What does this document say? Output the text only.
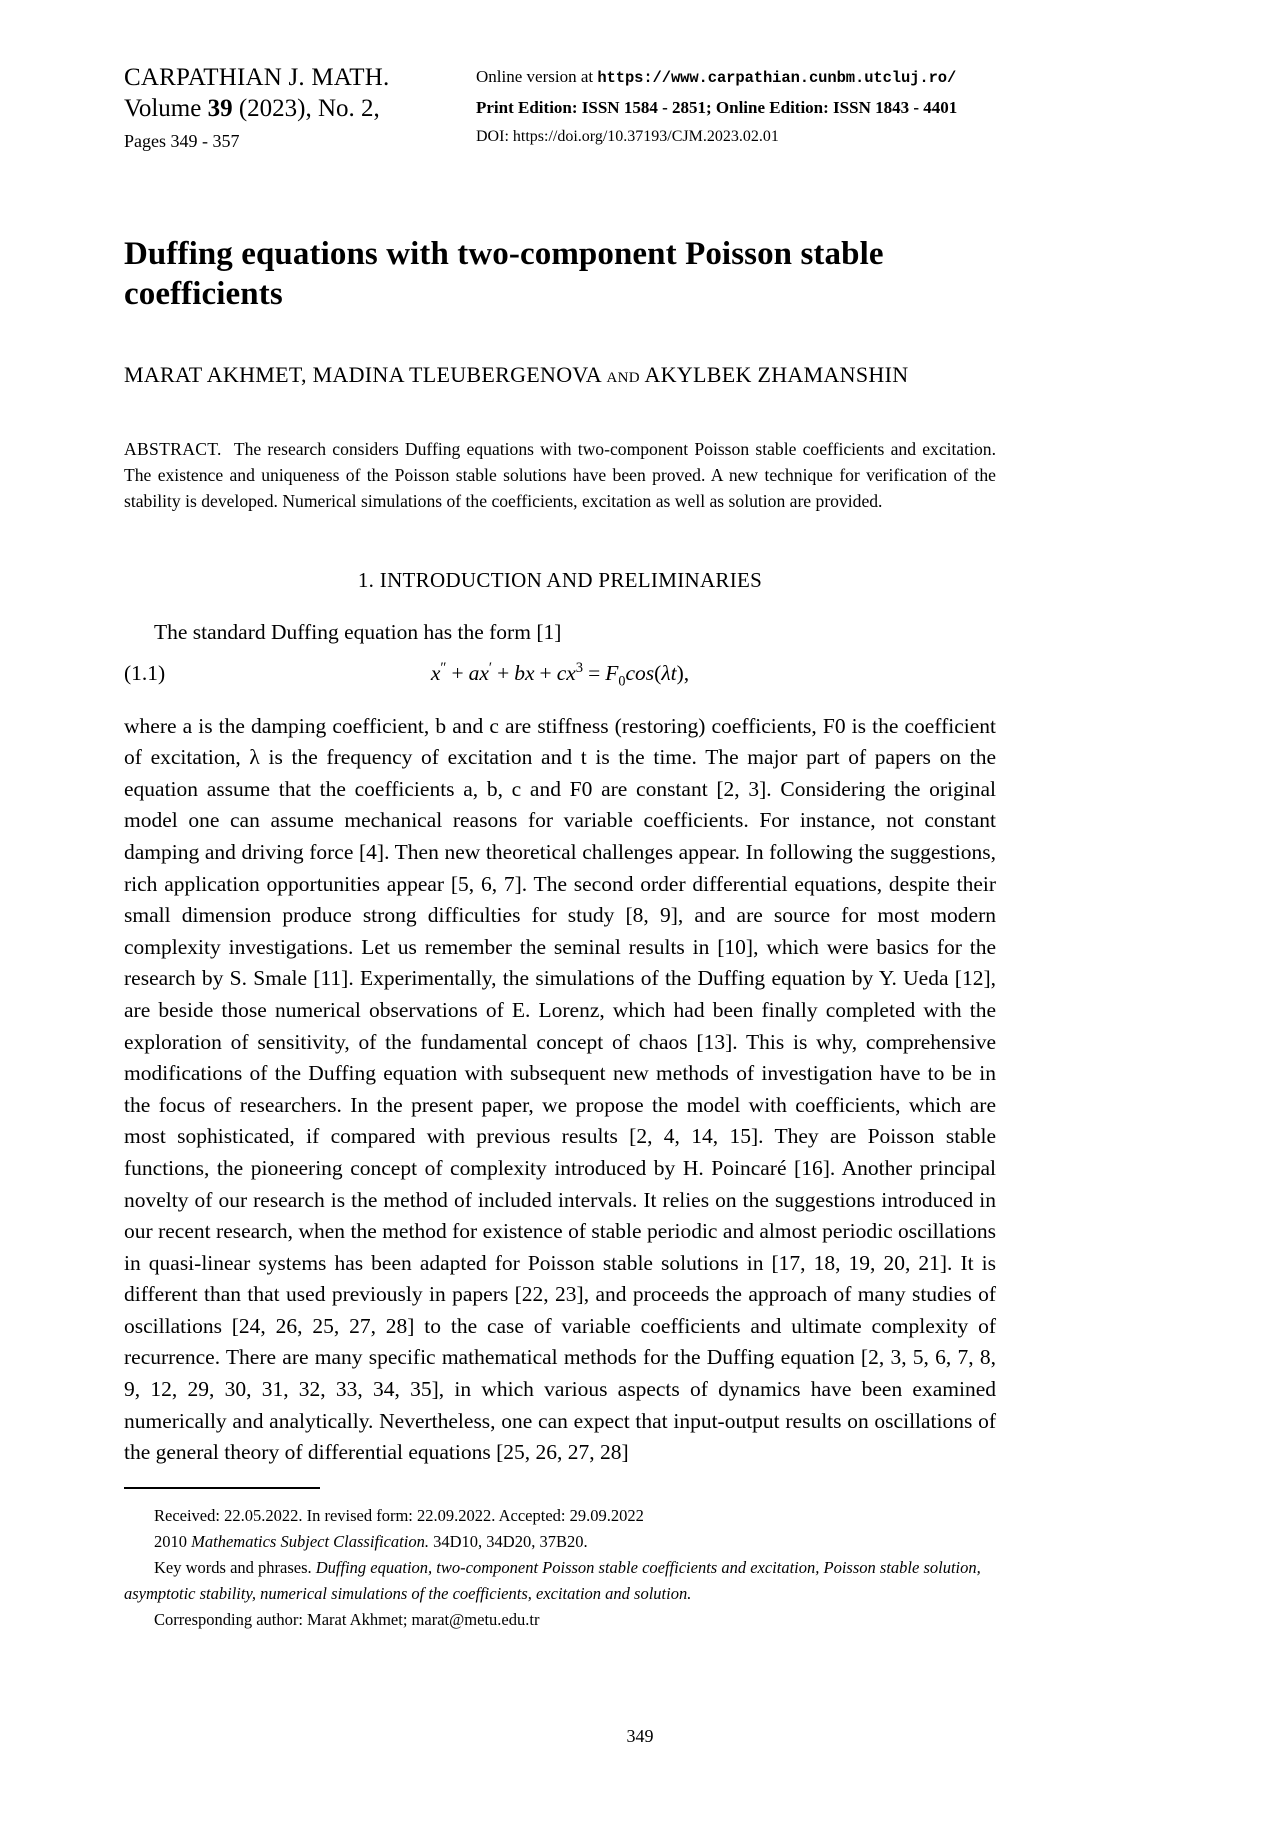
CARPATHIAN J. MATH.
Volume 39 (2023), No. 2,
Pages 349 - 357
Online version at https://www.carpathian.cunbm.utcluj.ro/
Print Edition: ISSN 1584 - 2851; Online Edition: ISSN 1843 - 4401
DOI: https://doi.org/10.37193/CJM.2023.02.01
Duffing equations with two-component Poisson stable coefficients
MARAT AKHMET, MADINA TLEUBERGENOVA and AKYLBEK ZHAMANSHIN
ABSTRACT. The research considers Duffing equations with two-component Poisson stable coefficients and excitation. The existence and uniqueness of the Poisson stable solutions have been proved. A new technique for verification of the stability is developed. Numerical simulations of the coefficients, excitation as well as solution are provided.
1. INTRODUCTION AND PRELIMINARIES
The standard Duffing equation has the form [1]
(1.1)	x″ + ax′ + bx + $cx^3 = F_0\cos(\lambda t)$,
where a is the damping coefficient, b and c are stiffness (restoring) coefficients, F0 is the coefficient of excitation, λ is the frequency of excitation and t is the time. The major part of papers on the equation assume that the coefficients a, b, c and F0 are constant [2, 3]. Considering the original model one can assume mechanical reasons for variable coefficients. For instance, not constant damping and driving force [4]. Then new theoretical challenges appear. In following the suggestions, rich application opportunities appear [5, 6, 7]. The second order differential equations, despite their small dimension produce strong difficulties for study [8, 9], and are source for most modern complexity investigations. Let us remember the seminal results in [10], which were basics for the research by S. Smale [11]. Experimentally, the simulations of the Duffing equation by Y. Ueda [12], are beside those numerical observations of E. Lorenz, which had been finally completed with the exploration of sensitivity, of the fundamental concept of chaos [13]. This is why, comprehensive modifications of the Duffing equation with subsequent new methods of investigation have to be in the focus of researchers. In the present paper, we propose the model with coefficients, which are most sophisticated, if compared with previous results [2, 4, 14, 15]. They are Poisson stable functions, the pioneering concept of complexity introduced by H. Poincaré [16]. Another principal novelty of our research is the method of included intervals. It relies on the suggestions introduced in our recent research, when the method for existence of stable periodic and almost periodic oscillations in quasi-linear systems has been adapted for Poisson stable solutions in [17, 18, 19, 20, 21]. It is different than that used previously in papers [22, 23], and proceeds the approach of many studies of oscillations [24, 26, 25, 27, 28] to the case of variable coefficients and ultimate complexity of recurrence. There are many specific mathematical methods for the Duffing equation [2, 3, 5, 6, 7, 8, 9, 12, 29, 30, 31, 32, 33, 34, 35], in which various aspects of dynamics have been examined numerically and analytically. Nevertheless, one can expect that input-output results on oscillations of the general theory of differential equations [25, 26, 27, 28]
Received: 22.05.2022. In revised form: 22.09.2022. Accepted: 29.09.2022
2010 Mathematics Subject Classification. 34D10, 34D20, 37B20.
Key words and phrases. Duffing equation, two-component Poisson stable coefficients and excitation, Poisson stable solution, asymptotic stability, numerical simulations of the coefficients, excitation and solution.
Corresponding author: Marat Akhmet; marat@metu.edu.tr
349
